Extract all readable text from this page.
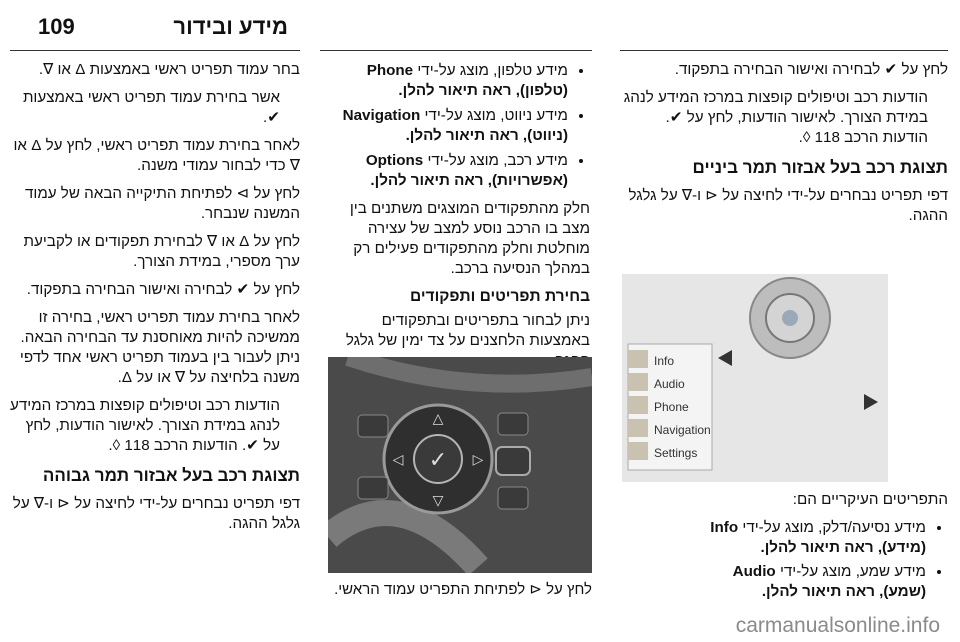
109	מידע ובידור

לחץ על ✔ לבחירה ואישור הבחירה בתפקוד.

הודעות רכב וטיפולים קופצות במרכז המידע לנהג במידת הצורך. לאישור הודעות, לחץ על ✔. הודעות הרכב 118 ◊.

תצוגת רכב בעל אבזור תמר ביניים

דפי תפריט נבחרים על-ידי לחיצה על ⊲ ו-∇ על גלגל ההגה.

Info
Audio
Phone
Navigation
Settings

התפריטים העיקריים הם:

• מידע נסיעה/דלק, מוצג על-ידי Info
(מידע), ראה תיאור להלן.
• מידע שמע, מוצג על-ידי Audio
(שמע), ראה תיאור להלן.
• מידע טלפון, מוצג על-ידי Phone
(טלפון), ראה תיאור להלן.
• מידע ניווט, מוצג על-ידי Navigation
(ניווט), ראה תיאור להלן.
• מידע רכב, מוצג על-ידי Options
(אפשרויות), ראה תיאור להלן.

חלק מהתפקודים המוצגים משתנים בין מצב בו הרכב נוסע למצב של עצירה מוחלטת וחלק מהתפקודים פעילים רק במהלך הנסיעה ברכב.

בחירת תפריטים ותפקודים

ניתן לבחור בתפריטים ובתפקודים באמצעות הלחצנים על צד ימין של גלגל

✓
△
▽
◁	▷
לחץ על ⊲ לפתיחת התפריט עמוד הראשי.

בחר עמוד תפריט ראשי באמצעות Δ או ∇.

אשר בחירת עמוד תפריט ראשי באמצעות ✔.

לאחר בחירת עמוד תפריט ראשי, לחץ על Δ או ∇ כדי לבחור עמודי משנה.

לחץ על ⊳ לפתיחת התיקייה הבאה של עמוד המשנה שנבחר.

לחץ על Δ או ∇ לבחירת תפקודים או לקביעת ערך מספרי, במידת הצורך.

לחץ על ✔ לבחירה ואישור הבחירה בתפקוד.

לאחר בחירת עמוד תפריט ראשי, בחירה זו ממשיכה להיות מאוחסנת עד הבחירה הבאה. ניתן לעבור בין בעמוד תפריט ראשי אחד לדפי משנה בלחיצה על ∇ או על Δ.

הודעות רכב וטיפולים קופצות במרכז המידע לנהג במידת הצורך. לאישור הודעות, לחץ על ✔. הודעות הרכב 118 ◊.

תצוגת רכב בעל אבזור תמר גבוהה

דפי תפריט נבחרים על-ידי לחיצה על ⊲ ו-∇ על גלגל ההגה.

carmanualsonline.info
